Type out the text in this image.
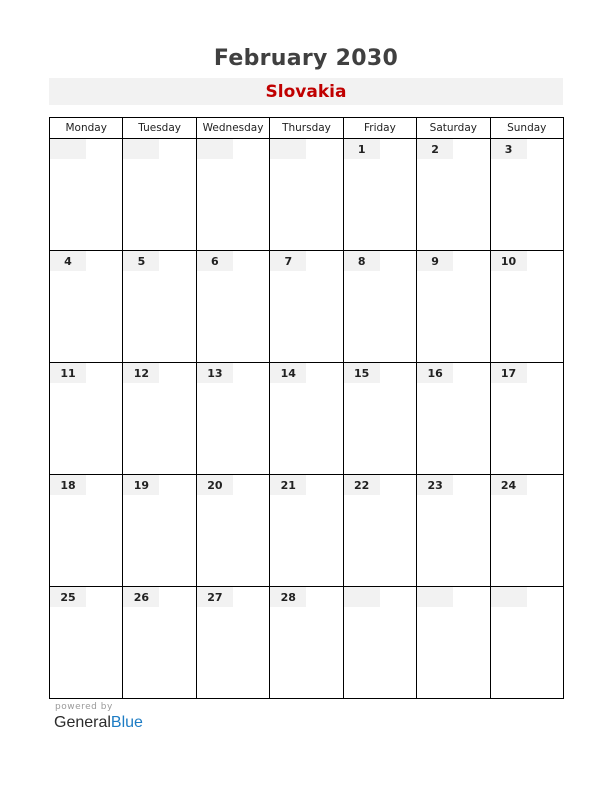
February 2030
Slovakia
Monday	Tuesday	Wednesday	Thursday	Friday	Saturday	Sunday

				1	2	3

4	5	6	7	8	9	10

11	12	13	14	15	16	17

18	19	20	21	22	23	24

25	26	27	28			

powered by
GeneralBlue
